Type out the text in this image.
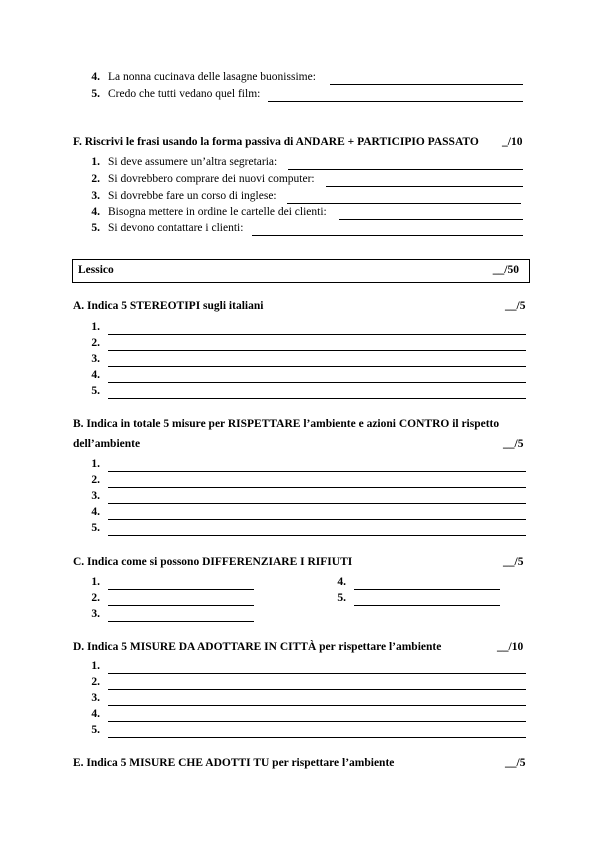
4. La nonna cucinava delle lasagne buonissime:
5. Credo che tutti vedano quel film:
F. Riscrivi le frasi usando la forma passiva di ANDARE + PARTICIPIO PASSATO _/10
1. Si deve assumere un’altra segretaria:
2. Si dovrebbero comprare dei nuovi computer:
3. Si dovrebbe fare un corso di inglese:
4. Bisogna mettere in ordine le cartelle dei clienti:
5. Si devono contattare i clienti:
Lessico	__/50
A. Indica 5 STEREOTIPI sugli italiani	__/5
1.
2.
3.
4.
5.
B. Indica in totale 5 misure per RISPETTARE l’ambiente e azioni CONTRO il rispetto
dell’ambiente	__/5
1.
2.
3.
4.
5.
C. Indica come si possono DIFFERENZIARE I RIFIUTI	__/5
1.
2.
3.
4.
5.
D. Indica 5 MISURE DA ADOTTARE IN CITTÀ per rispettare l’ambiente	__/10
1.
2.
3.
4.
5.
E. Indica 5 MISURE CHE ADOTTI TU per rispettare l’ambiente	__/5
